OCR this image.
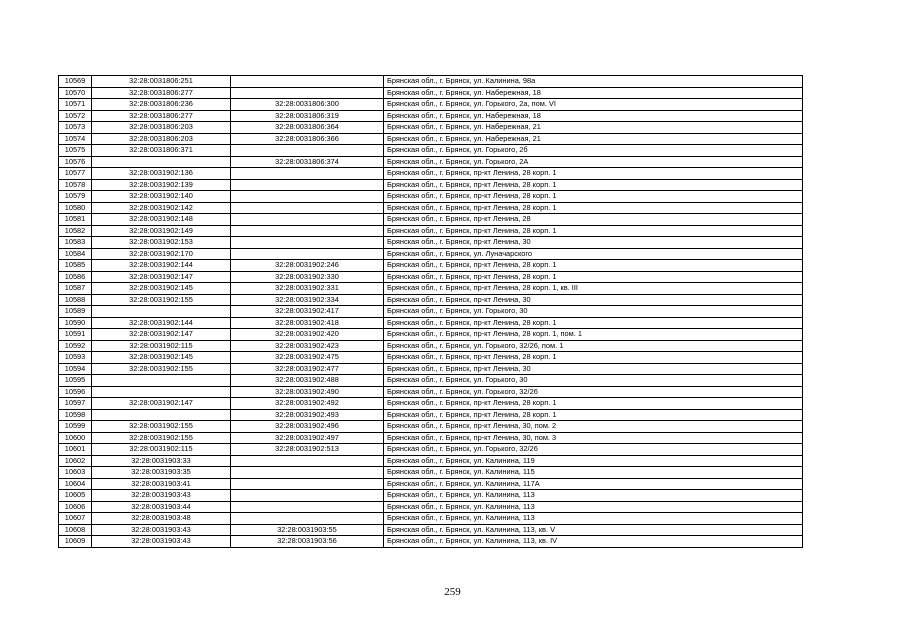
10569	32:28:0031806:251		Брянская обл., г. Брянск, ул. Калинина, 98а
10570	32:28:0031806:277		Брянская обл., г. Брянск, ул. Набережная, 18
10571	32:28:0031806:236	32:28:0031806:300	Брянская обл., г. Брянск, ул. Горького, 2а, пом. VI
10572	32:28:0031806:277	32:28:0031806:319	Брянская обл., г. Брянск, ул. Набережная, 18
10573	32:28:0031806:203	32:28:0031806:364	Брянская обл., г. Брянск, ул. Набережная, 21
10574	32:28:0031806:203	32:28:0031806:366	Брянская обл., г. Брянск, ул. Набережная, 21
10575	32:28:0031806:371		Брянская обл., г. Брянск, ул. Горького, 2б
10576		32:28:0031806:374	Брянская обл., г. Брянск, ул. Горького, 2А
10577	32:28:0031902:136		Брянская обл., г. Брянск, пр-кт Ленина, 28 корп. 1
10578	32:28:0031902:139		Брянская обл., г. Брянск, пр-кт Ленина, 28 корп. 1
10579	32:28:0031902:140		Брянская обл., г. Брянск, пр-кт Ленина, 28 корп. 1
10580	32:28:0031902:142		Брянская обл., г. Брянск, пр-кт Ленина, 28 корп. 1
10581	32:28:0031902:148		Брянская обл., г. Брянск, пр-кт Ленина, 28
10582	32:28:0031902:149		Брянская обл., г. Брянск, пр-кт Ленина, 28 корп. 1
10583	32:28:0031902:153		Брянская обл., г. Брянск, пр-кт Ленина, 30
10584	32:28:0031902:170		Брянская обл., г. Брянск, ул. Луначарского
10585	32:28:0031902:144	32:28:0031902:246	Брянская обл., г. Брянск, пр-кт Ленина, 28 корп. 1
10586	32:28:0031902:147	32:28:0031902:330	Брянская обл., г. Брянск, пр-кт Ленина, 28 корп. 1
10587	32:28:0031902:145	32:28:0031902:331	Брянская обл., г. Брянск, пр-кт Ленина, 28 корп. 1, кв. III
10588	32:28:0031902:155	32:28:0031902:334	Брянская обл., г. Брянск, пр-кт Ленина, 30
10589		32:28:0031902:417	Брянская обл., г. Брянск, ул. Горького, 30
10590	32:28:0031902:144	32:28:0031902:418	Брянская обл., г. Брянск, пр-кт Ленина, 28 корп. 1
10591	32:28:0031902:147	32:28:0031902:420	Брянская обл., г. Брянск, пр-кт Ленина, 28 корп. 1, пом. 1
10592	32:28:0031902:115	32:28:0031902:423	Брянская обл., г. Брянск, ул. Горького, 32/26, пом. 1
10593	32:28:0031902:145	32:28:0031902:475	Брянская обл., г. Брянск, пр-кт Ленина, 28 корп. 1
10594	32:28:0031902:155	32:28:0031902:477	Брянская обл., г. Брянск, пр-кт Ленина, 30
10595		32:28:0031902:488	Брянская обл., г. Брянск, ул. Горького, 30
10596		32:28:0031902:490	Брянская обл., г. Брянск, ул. Горького, 32/26
10597	32:28:0031902:147	32:28:0031902:492	Брянская обл., г. Брянск, пр-кт Ленина, 28 корп. 1
10598		32:28:0031902:493	Брянская обл., г. Брянск, пр-кт Ленина, 28 корп. 1
10599	32:28:0031902:155	32:28:0031902:496	Брянская обл., г. Брянск, пр-кт Ленина, 30, пом. 2
10600	32:28:0031902:155	32:28:0031902:497	Брянская обл., г. Брянск, пр-кт Ленина, 30, пом. 3
10601	32:28:0031902:115	32:28:0031902:513	Брянская обл., г. Брянск, ул. Горького, 32/26
10602	32:28:0031903:33		Брянская обл., г. Брянск, ул. Калинина, 119
10603	32:28:0031903:35		Брянская обл., г. Брянск, ул. Калинина, 115
10604	32:28:0031903:41		Брянская обл., г. Брянск, ул. Калинина, 117А
10605	32:28:0031903:43		Брянская обл., г. Брянск, ул. Калинина, 113
10606	32:28:0031903:44		Брянская обл., г. Брянск, ул. Калинина, 113
10607	32:28:0031903:48		Брянская обл., г. Брянск, ул. Калинина, 113
10608	32:28:0031903:43	32:28:0031903:55	Брянская обл., г. Брянск, ул. Калинина, 113, кв. V
10609	32:28:0031903:43	32:28:0031903:56	Брянская обл., г. Брянск, ул. Калинина, 113, кв. IV
259
